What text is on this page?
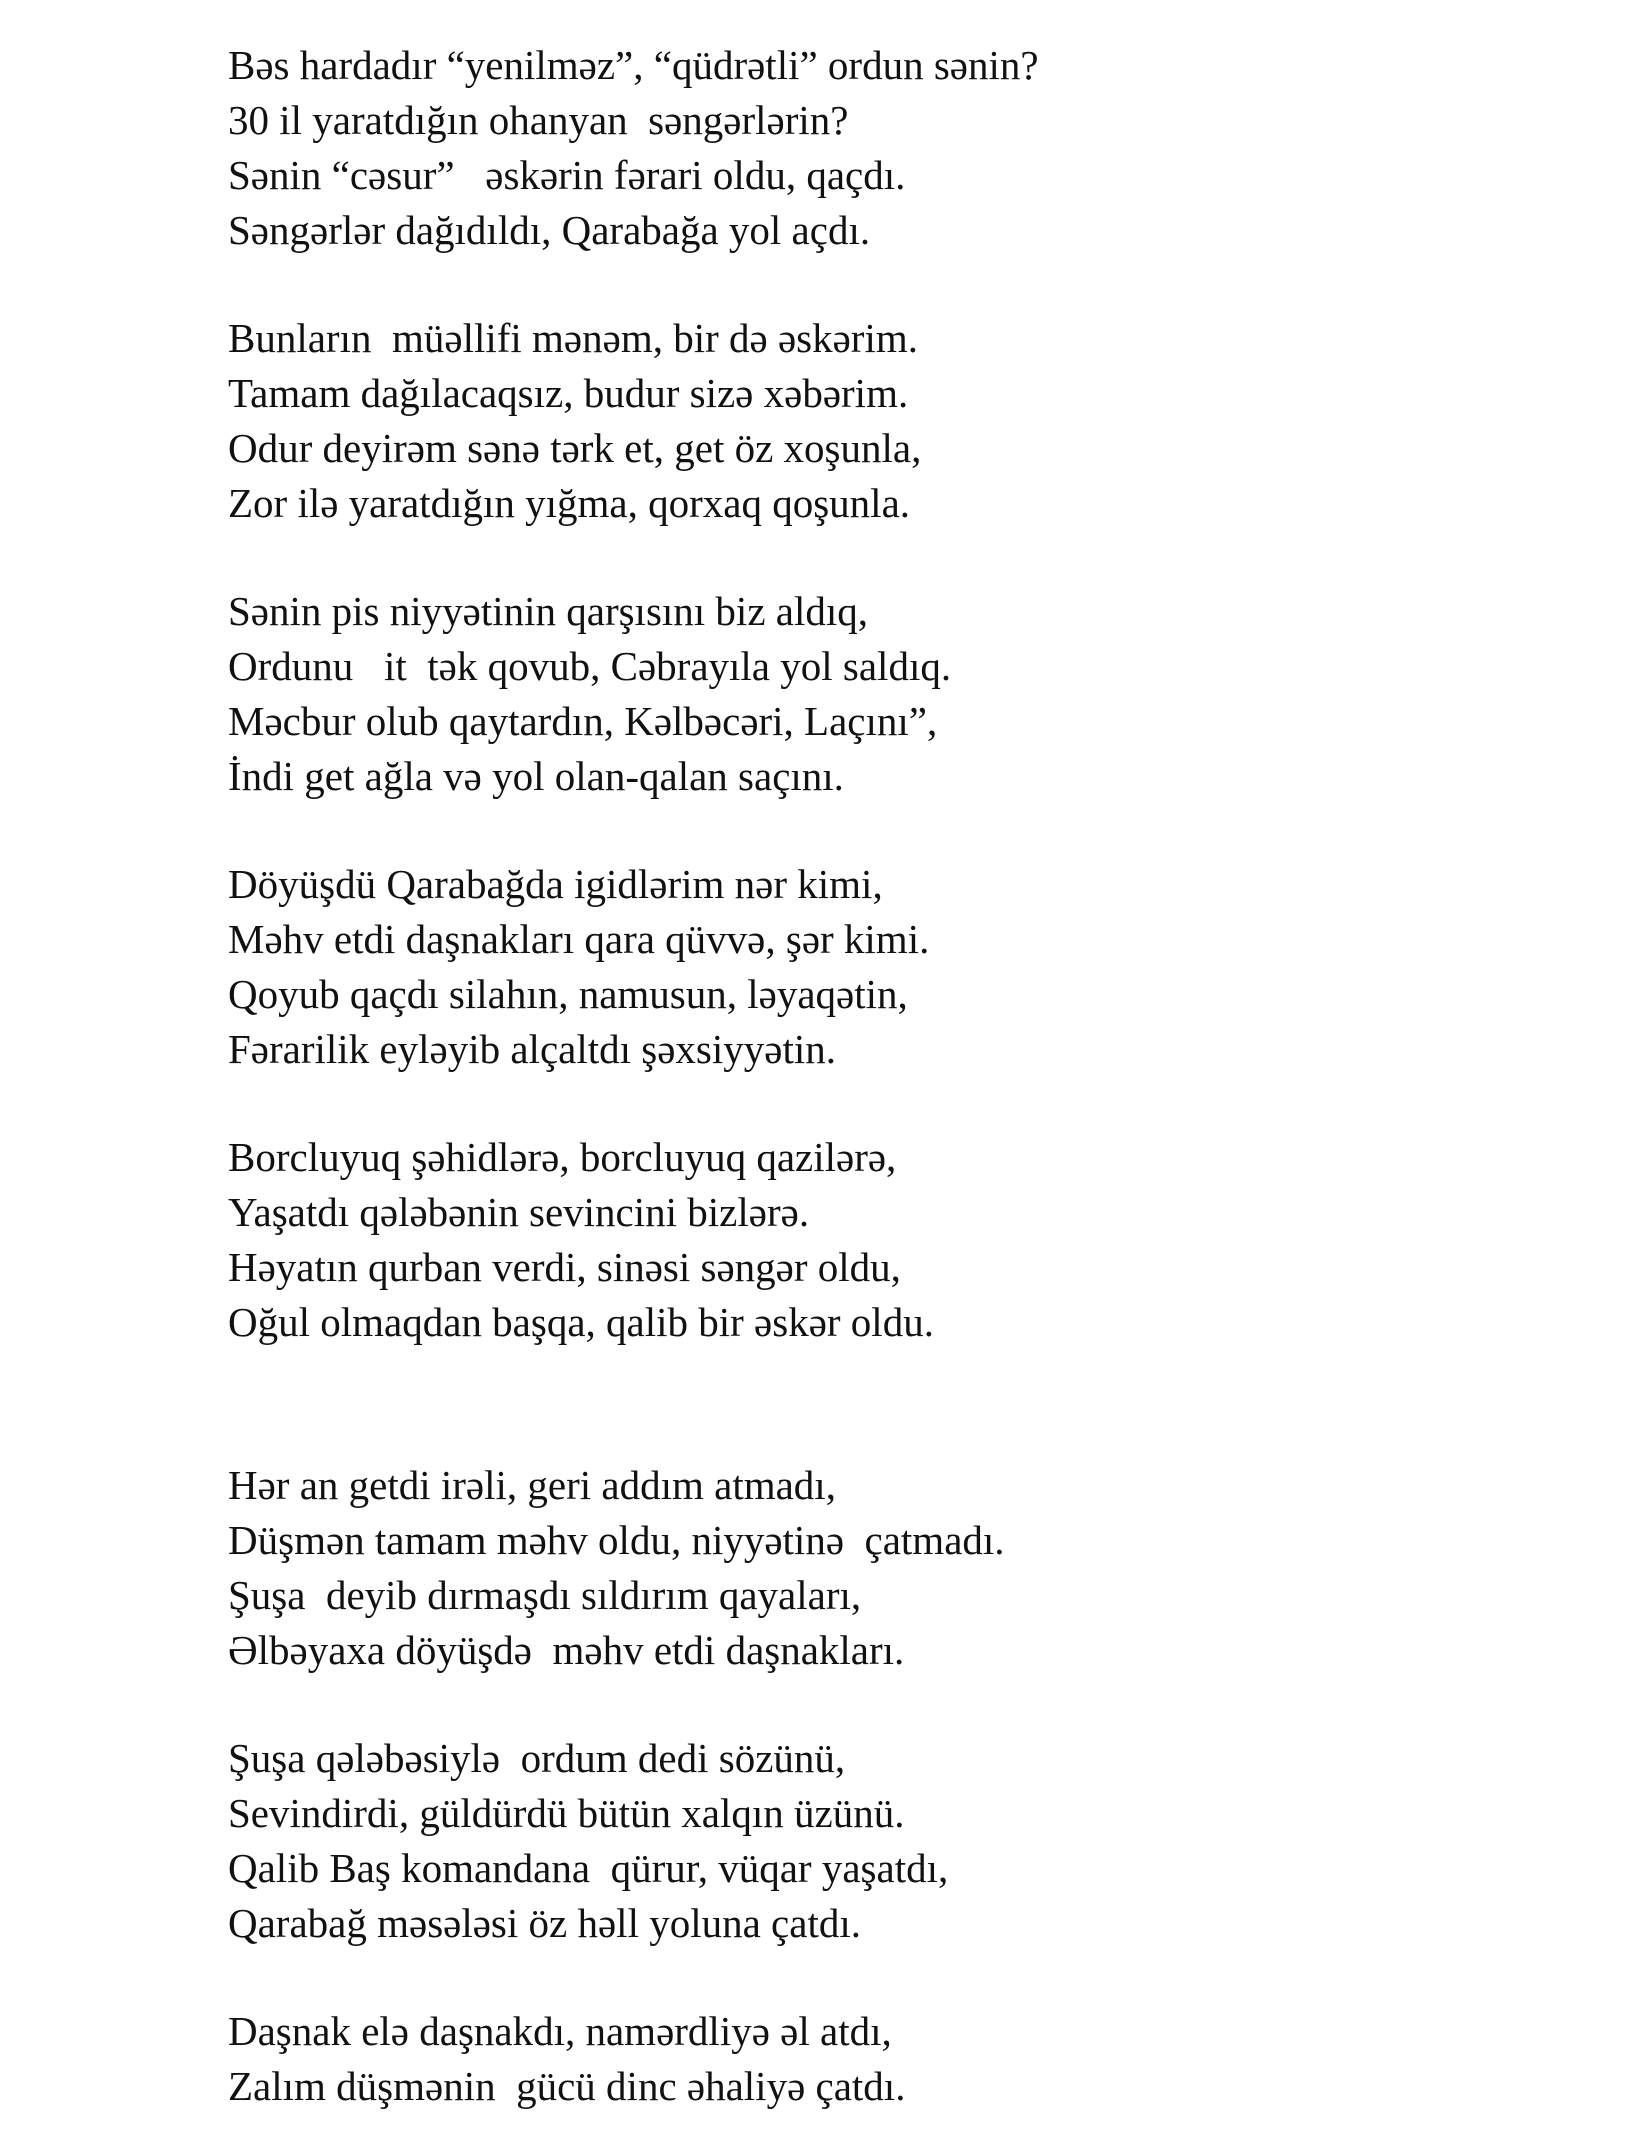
Bəs hardadır “yenilməz”, “qüdrətli” ordun sənin?
30 il yaratdığın ohanyan  səngərlərin?
Sənin “cəsur”   əskərin fərari oldu, qaçdı.
Səngərlər dağıdıldı, Qarabağa yol açdı.
Bunların  müəllifi mənəm, bir də əskərim.
Tamam dağılacaqsız, budur sizə xəbərim.
Odur deyirəm sənə tərk et, get öz xoşunla,
Zor ilə yaratdığın yığma, qorxaq qoşunla.
Sənin pis niyyətinin qarşısını biz aldıq,
Ordunu   it  tək qovub, Cəbrayıla yol saldıq.
Məcbur olub qaytardın, Kəlbəcəri, Laçını”,
İndi get ağla və yol olan-qalan saçını.
Döyüşdü Qarabağda igidlərim nər kimi,
Məhv etdi daşnakları qara qüvvə, şər kimi.
Qoyub qaçdı silahın, namusun, ləyaqətin,
Fərarilik eyləyib alçaltdı şəxsiyyətin.
Borcluyuq şəhidlərə, borcluyuq qazilərə,
Yaşatdı qələbənin sevincini bizlərə.
Həyatın qurban verdi, sinəsi səngər oldu,
Oğul olmaqdan başqa, qalib bir əskər oldu.
Hər an getdi irəli, geri addım atmadı,
Düşmən tamam məhv oldu, niyyətinə  çatmadı.
Şuşa  deyib dırmaşdı sıldırım qayaları,
Əlbəyaxa döyüşdə  məhv etdi daşnakları.
Şuşa qələbəsiylə  ordum dedi sözünü,
Sevindirdi, güldürdü bütün xalqın üzünü.
Qalib Baş komandana  qürur, vüqar yaşatdı,
Qarabağ məsələsi öz həll yoluna çatdı.
Daşnak elə daşnakdı, namərdliyə əl atdı,
Zalım düşmənin  gücü dinc əhaliyə çatdı.
